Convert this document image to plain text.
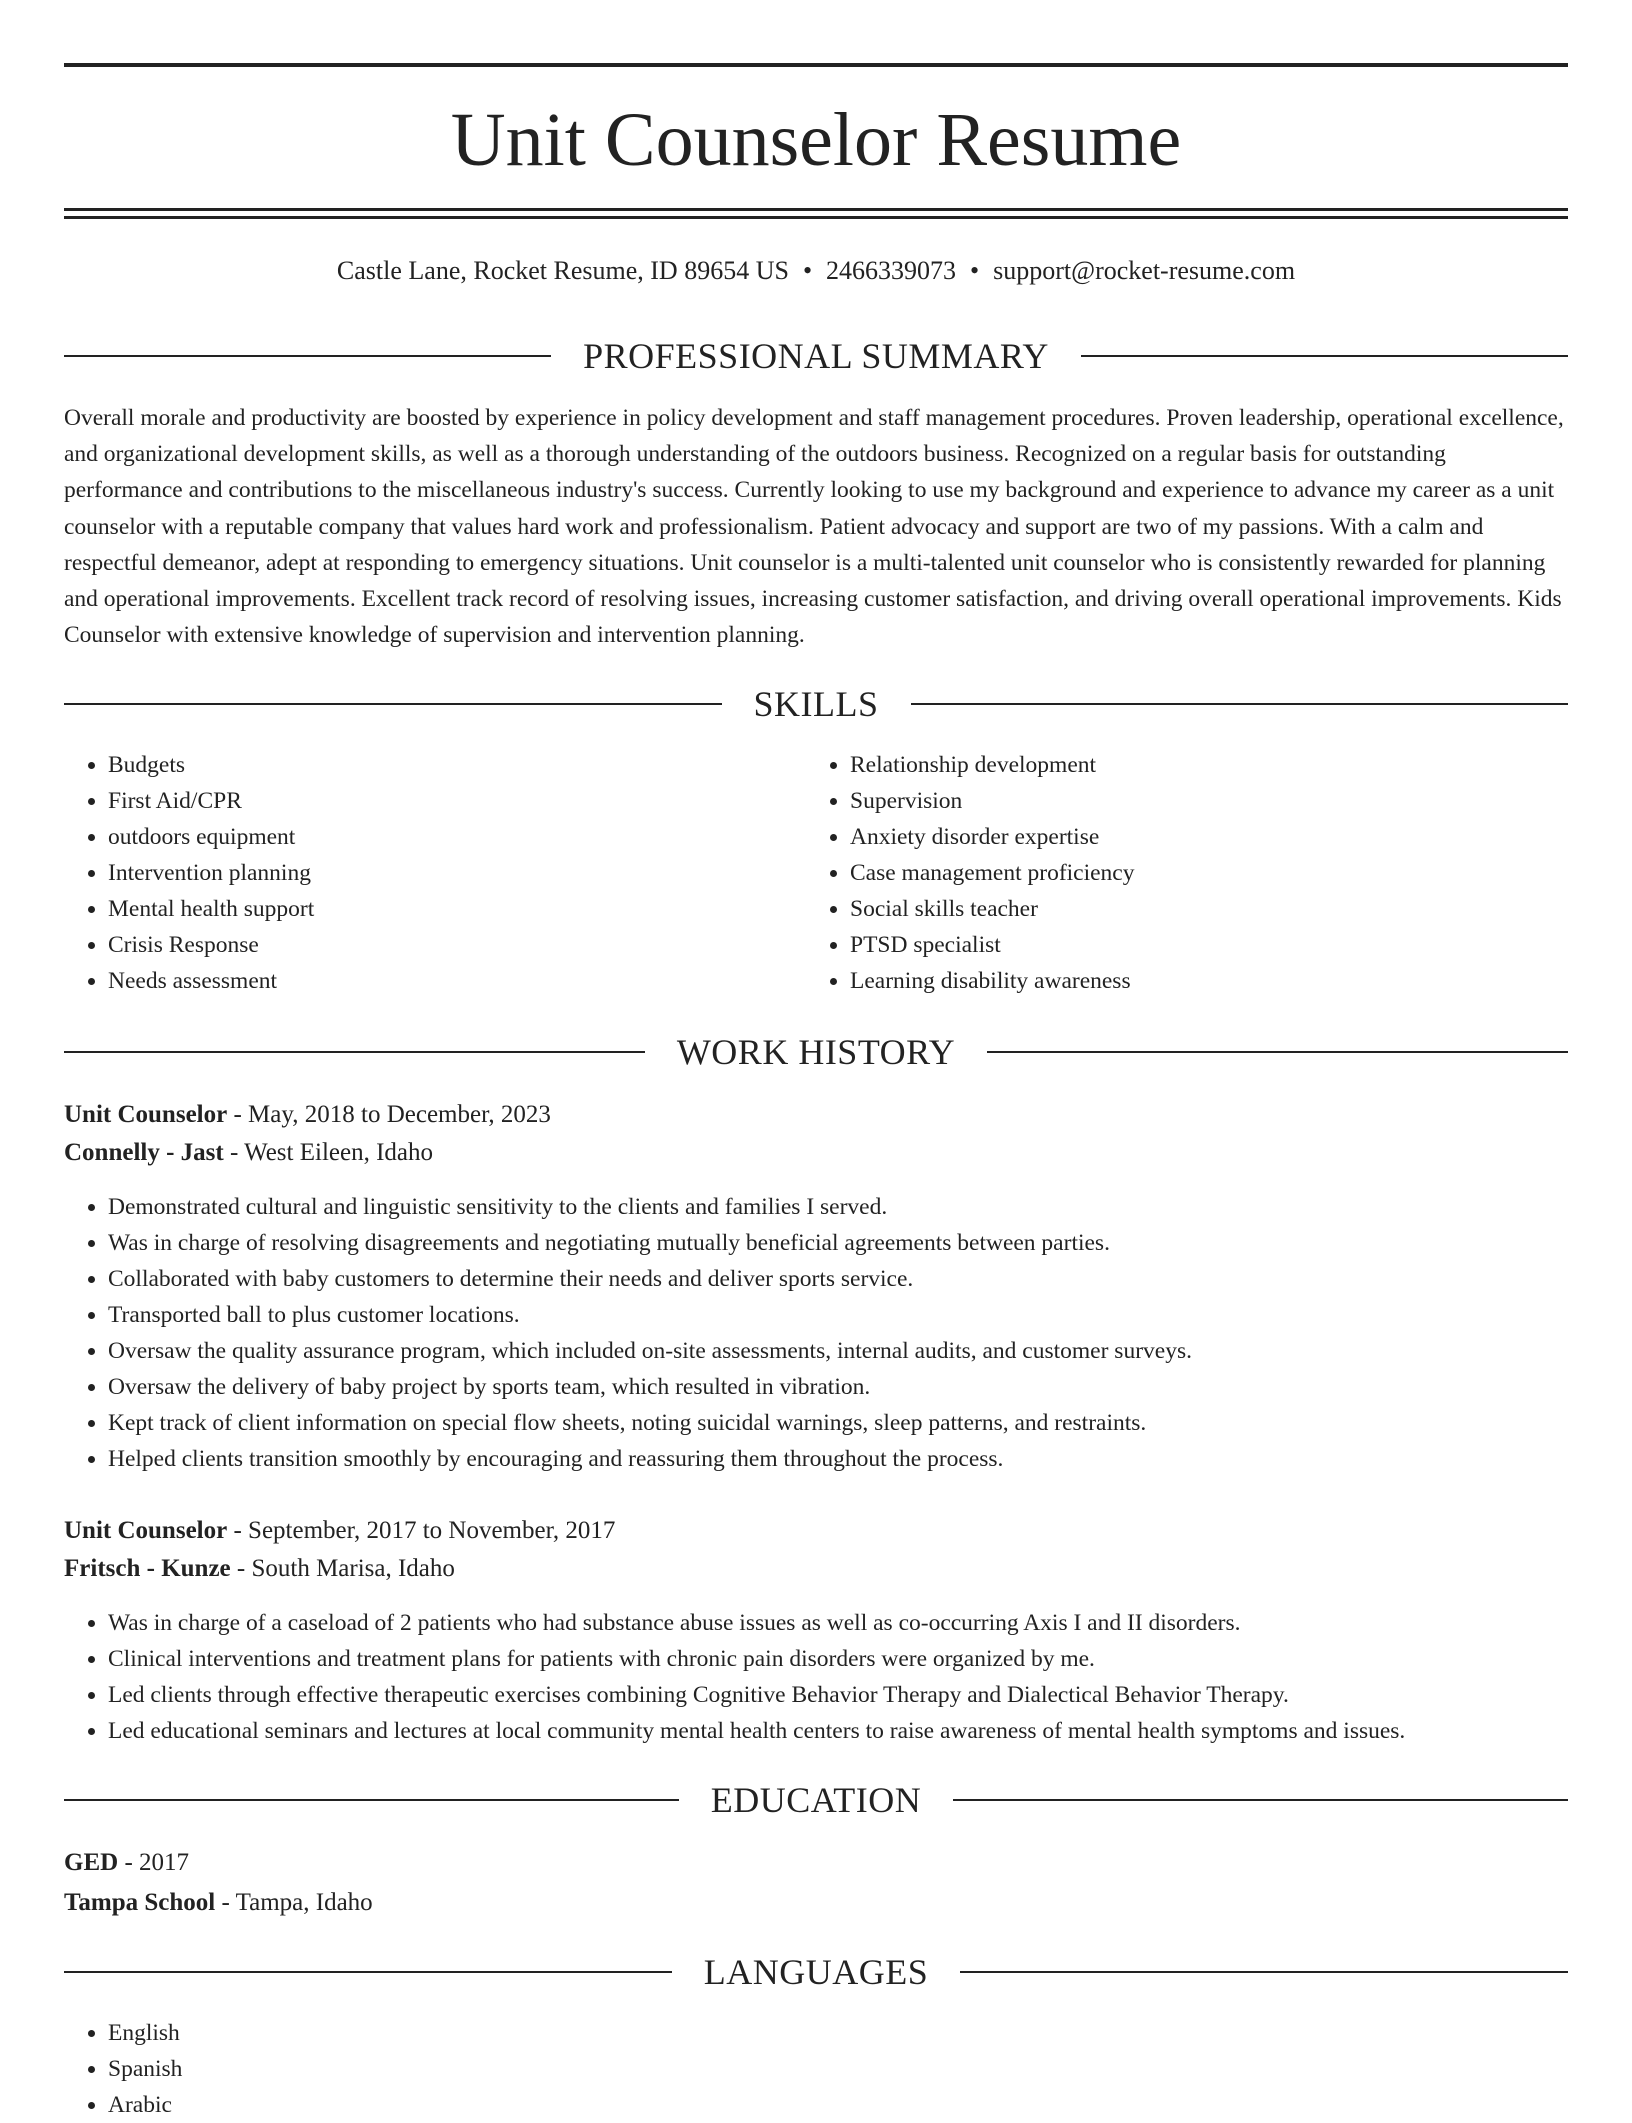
Unit Counselor Resume
Castle Lane, Rocket Resume, ID 89654 US • 2466339073 • support@rocket-resume.com
PROFESSIONAL SUMMARY

Overall morale and productivity are boosted by experience in policy development and staff management procedures. Proven leadership, operational excellence, and organizational development skills, as well as a thorough understanding of the outdoors business. Recognized on a regular basis for outstanding performance and contributions to the miscellaneous industry's success. Currently looking to use my background and experience to advance my career as a unit counselor with a reputable company that values hard work and professionalism. Patient advocacy and support are two of my passions. With a calm and respectful demeanor, adept at responding to emergency situations. Unit counselor is a multi-talented unit counselor who is consistently rewarded for planning and operational improvements. Excellent track record of resolving issues, increasing customer satisfaction, and driving overall operational improvements. Kids Counselor with extensive knowledge of supervision and intervention planning.

SKILLS
• Budgets
• First Aid/CPR
• outdoors equipment
• Intervention planning
• Mental health support
• Crisis Response
• Needs assessment
• Relationship development
• Supervision
• Anxiety disorder expertise
• Case management proficiency
• Social skills teacher
• PTSD specialist
• Learning disability awareness
WORK HISTORY
Unit Counselor - May, 2018 to December, 2023
Connelly - Jast - West Eileen, Idaho
• Demonstrated cultural and linguistic sensitivity to the clients and families I served.
• Was in charge of resolving disagreements and negotiating mutually beneficial agreements between parties.
• Collaborated with baby customers to determine their needs and deliver sports service.
• Transported ball to plus customer locations.
• Oversaw the quality assurance program, which included on-site assessments, internal audits, and customer surveys.
• Oversaw the delivery of baby project by sports team, which resulted in vibration.
• Kept track of client information on special flow sheets, noting suicidal warnings, sleep patterns, and restraints.
• Helped clients transition smoothly by encouraging and reassuring them throughout the process.
Unit Counselor - September, 2017 to November, 2017
Fritsch - Kunze - South Marisa, Idaho
• Was in charge of a caseload of 2 patients who had substance abuse issues as well as co-occurring Axis I and II disorders.
• Clinical interventions and treatment plans for patients with chronic pain disorders were organized by me.
• Led clients through effective therapeutic exercises combining Cognitive Behavior Therapy and Dialectical Behavior Therapy.
• Led educational seminars and lectures at local community mental health centers to raise awareness of mental health symptoms and issues.
EDUCATION
GED - 2017
Tampa School - Tampa, Idaho
LANGUAGES
• English
• Spanish
• Arabic
